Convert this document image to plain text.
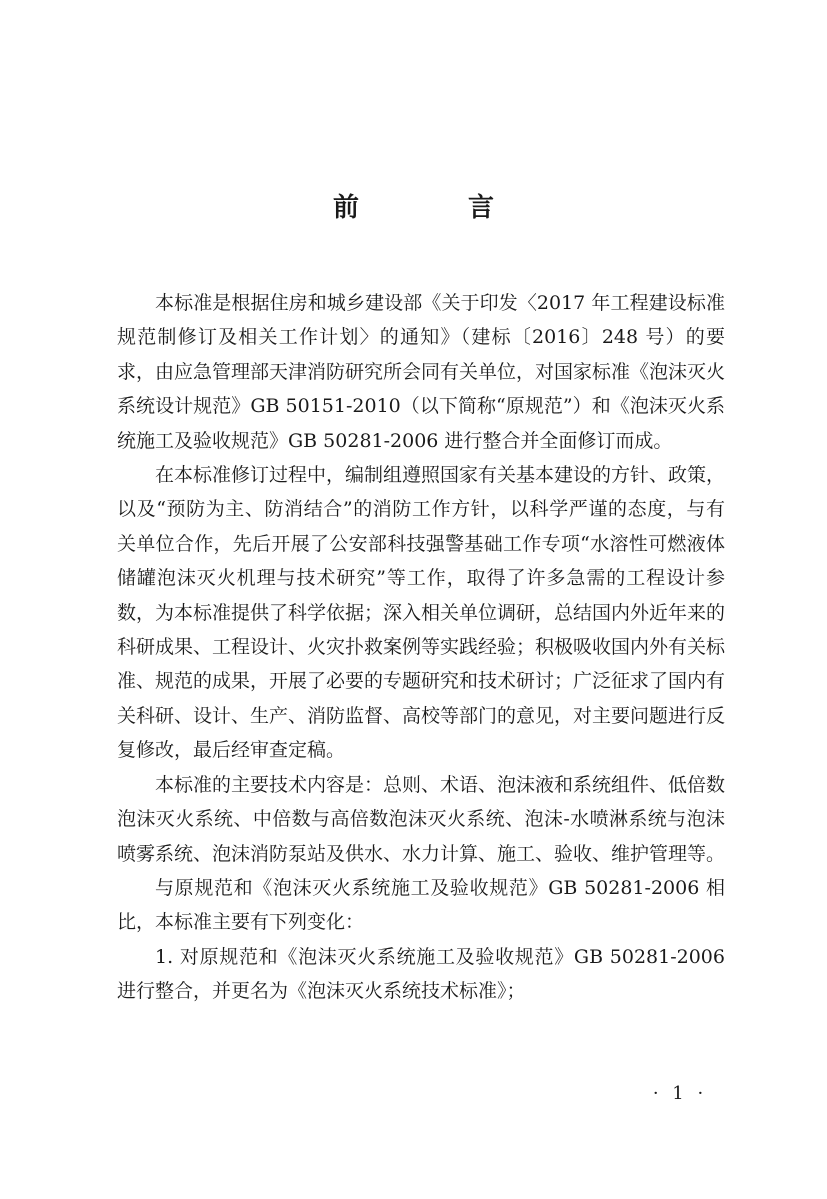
前 言

本标准是根据住房和城乡建设部《关于印发〈2017 年工程建设标准规范制修订及相关工作计划〉的通知》（建标〔2016〕248 号）的要求，由应急管理部天津消防研究所会同有关单位，对国家标准《泡沫灭火系统设计规范》GB 50151-2010（以下简称“原规范”）和《泡沫灭火系统施工及验收规范》GB 50281-2006 进行整合并全面修订而成。

在本标准修订过程中，编制组遵照国家有关基本建设的方针、政策，以及“预防为主、防消结合”的消防工作方针，以科学严谨的态度，与有关单位合作，先后开展了公安部科技强警基础工作专项“水溶性可燃液体储罐泡沫灭火机理与技术研究”等工作，取得了许多急需的工程设计参数，为本标准提供了科学依据；深入相关单位调研，总结国内外近年来的科研成果、工程设计、火灾扑救案例等实践经验；积极吸收国内外有关标准、规范的成果，开展了必要的专题研究和技术研讨；广泛征求了国内有关科研、设计、生产、消防监督、高校等部门的意见，对主要问题进行反复修改，最后经审查定稿。

本标准的主要技术内容是：总则、术语、泡沫液和系统组件、低倍数泡沫灭火系统、中倍数与高倍数泡沫灭火系统、泡沫-水喷淋系统与泡沫喷雾系统、泡沫消防泵站及供水、水力计算、施工、验收、维护管理等。

与原规范和《泡沫灭火系统施工及验收规范》GB 50281-2006 相比，本标准主要有下列变化：

1. 对原规范和《泡沫灭火系统施工及验收规范》GB 50281-2006 进行整合，并更名为《泡沫灭火系统技术标准》；

· 1 ·
